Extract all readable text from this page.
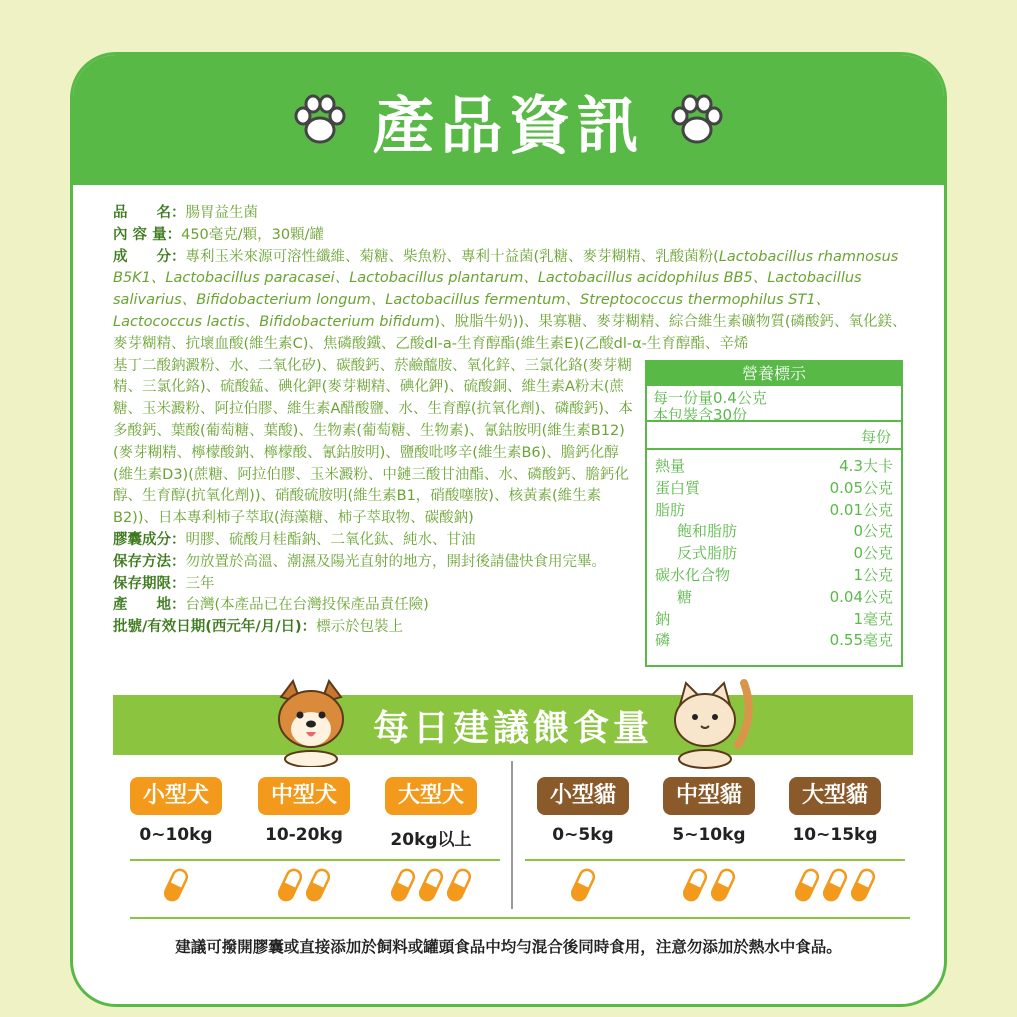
產品資訊

品　　名：腸胃益生菌

內 容 量：450毫克/顆，30顆/罐

成　　分：專利玉米來源可溶性纖維、菊糖、柴魚粉、專利十益菌(乳糖、麥芽糊精、乳酸菌粉(Lactobacillus rhamnosus B5K1、Lactobacillus paracasei、Lactobacillus plantarum、Lactobacillus acidophilus BB5、Lactobacillus salivarius、Bifidobacterium longum、Lactobacillus fermentum、Streptococcus thermophilus ST1、Lactococcus lactis、Bifidobacterium bifidum)、脫脂牛奶))、果寡糖、麥芽糊精、綜合維生素礦物質(磷酸鈣、氧化鎂、麥芽糊精、抗壞血酸(維生素C)、焦磷酸鐵、乙酸dl-a-生育醇酯(維生素E)(乙酸dl-α-生育醇酯、辛烯
基丁二酸鈉澱粉、水、二氧化矽)、碳酸鈣、菸鹼醯胺、氧化鋅、三氯化鉻(麥芽糊精、三氯化鉻)、硫酸錳、碘化鉀(麥芽糊精、碘化鉀)、硫酸銅、維生素A粉末(蔗糖、玉米澱粉、阿拉伯膠、維生素A醋酸鹽、水、生育醇(抗氧化劑)、磷酸鈣)、本多酸鈣、葉酸(葡萄糖、葉酸)、生物素(葡萄糖、生物素)、氰鈷胺明(維生素B12)(麥芽糊精、檸檬酸鈉、檸檬酸、氰鈷胺明)、鹽酸吡哆辛(維生素B6)、膽鈣化醇(維生素D3)(蔗糖、阿拉伯膠、玉米澱粉、中鏈三酸甘油酯、水、磷酸鈣、膽鈣化醇、生育醇(抗氧化劑))、硝酸硫胺明(維生素B1，硝酸噻胺)、核黃素(維生素B2))、日本專利柿子萃取(海藻糖、柿子萃取物、碳酸鈉)
膠囊成分：明膠、硫酸月桂酯鈉、二氧化鈦、純水、甘油
保存方法：勿放置於高溫、潮濕及陽光直射的地方，開封後請儘快食用完畢。
保存期限：三年
產　　地：台灣(本產品已在台灣投保產品責任險)
批號/有效日期(西元年/月/日)：標示於包裝上
營養標示
每一份量0.4公克
本包裝含30份
每份
熱量	4.3大卡
蛋白質	0.05公克
脂肪	0.01公克
飽和脂肪	0公克
反式脂肪	0公克
碳水化合物	1公克
糖	0.04公克
鈉	1毫克
磷	0.55毫克
每日建議餵食量
小型犬	中型犬	大型犬	小型貓	中型貓	大型貓
0~10kg	10-20kg	20kg以上	0~5kg	5~10kg	10~15kg
建議可撥開膠囊或直接添加於飼料或罐頭食品中均勻混合後同時食用，注意勿添加於熱水中食品。
